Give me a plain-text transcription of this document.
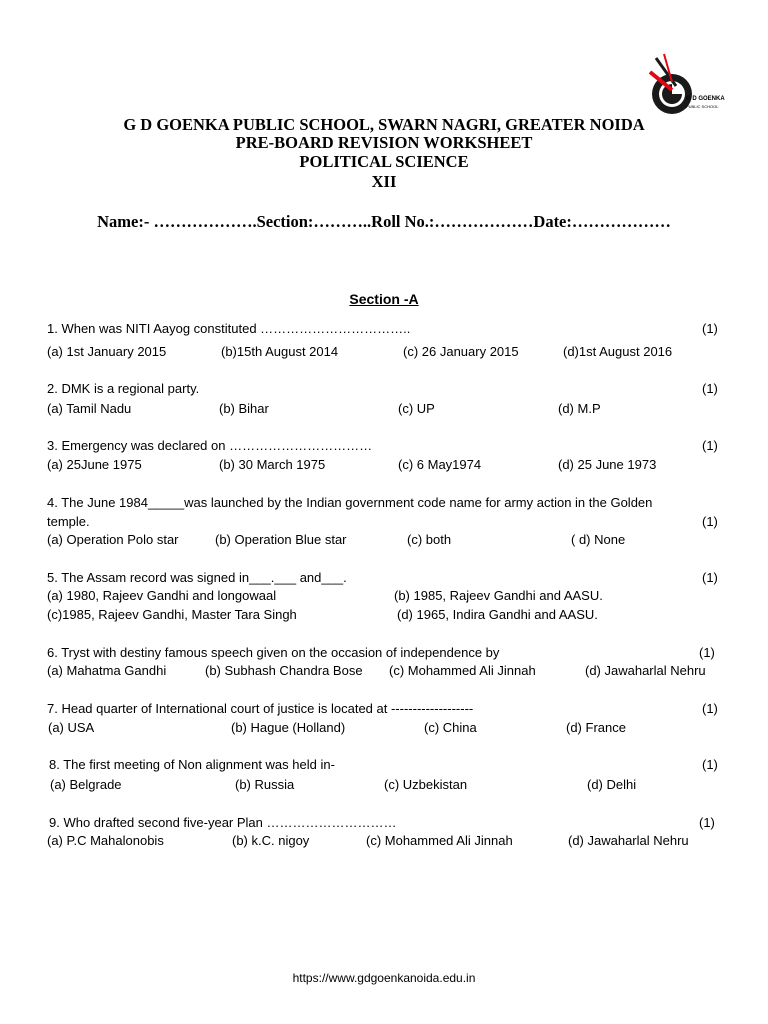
G D GOENKA
PUBLIC SCHOOL
G D GOENKA PUBLIC SCHOOL, SWARN NAGRI, GREATER NOIDA
PRE-BOARD REVISION WORKSHEET
POLITICAL SCIENCE
XII
Name:- ……………….Section:………..Roll No.:………………Date:………………
Section -A
1. When was NITI Aayog constituted ……………………………..	(1)
(a) 1st January 2015	(b)15th August 2014	(c) 26 January 2015	(d)1st August 2016
2. DMK is a regional party.	(1)
(a) Tamil Nadu	(b) Bihar	(c) UP	(d) M.P
3. Emergency was declared on ……………………………	(1)
(a) 25June 1975	(b) 30 March 1975	(c) 6 May1974	(d) 25 June 1973
4. The June 1984_____was launched by the Indian government code name for army action in the Golden
temple.	(1)
(a) Operation Polo star	(b) Operation Blue star	(c) both	( d) None
5. The Assam record was signed in___.___ and___.	(1)
(a) 1980, Rajeev Gandhi and longowaal	(b) 1985, Rajeev Gandhi and AASU.
(c)1985, Rajeev Gandhi, Master Tara Singh	(d) 1965, Indira Gandhi and AASU.
6. Tryst with destiny famous speech given on the occasion of independence by	(1)
(a) Mahatma Gandhi	(b) Subhash Chandra Bose (c) Mohammed Ali Jinnah	(d) Jawaharlal Nehru
7. Head quarter of International court of justice is located at -------------------	(1)
(a) USA	(b) Hague (Holland)	(c) China	(d) France
8. The first meeting of Non alignment was held in-	(1)
(a) Belgrade	(b) Russia	(c) Uzbekistan	(d) Delhi
9. Who drafted second five-year Plan …………………………	(1)
(a) P.C Mahalonobis	(b) k.C. nigoy	(c) Mohammed Ali Jinnah	(d) Jawaharlal Nehru
https://www.gdgoenkanoida.edu.in
